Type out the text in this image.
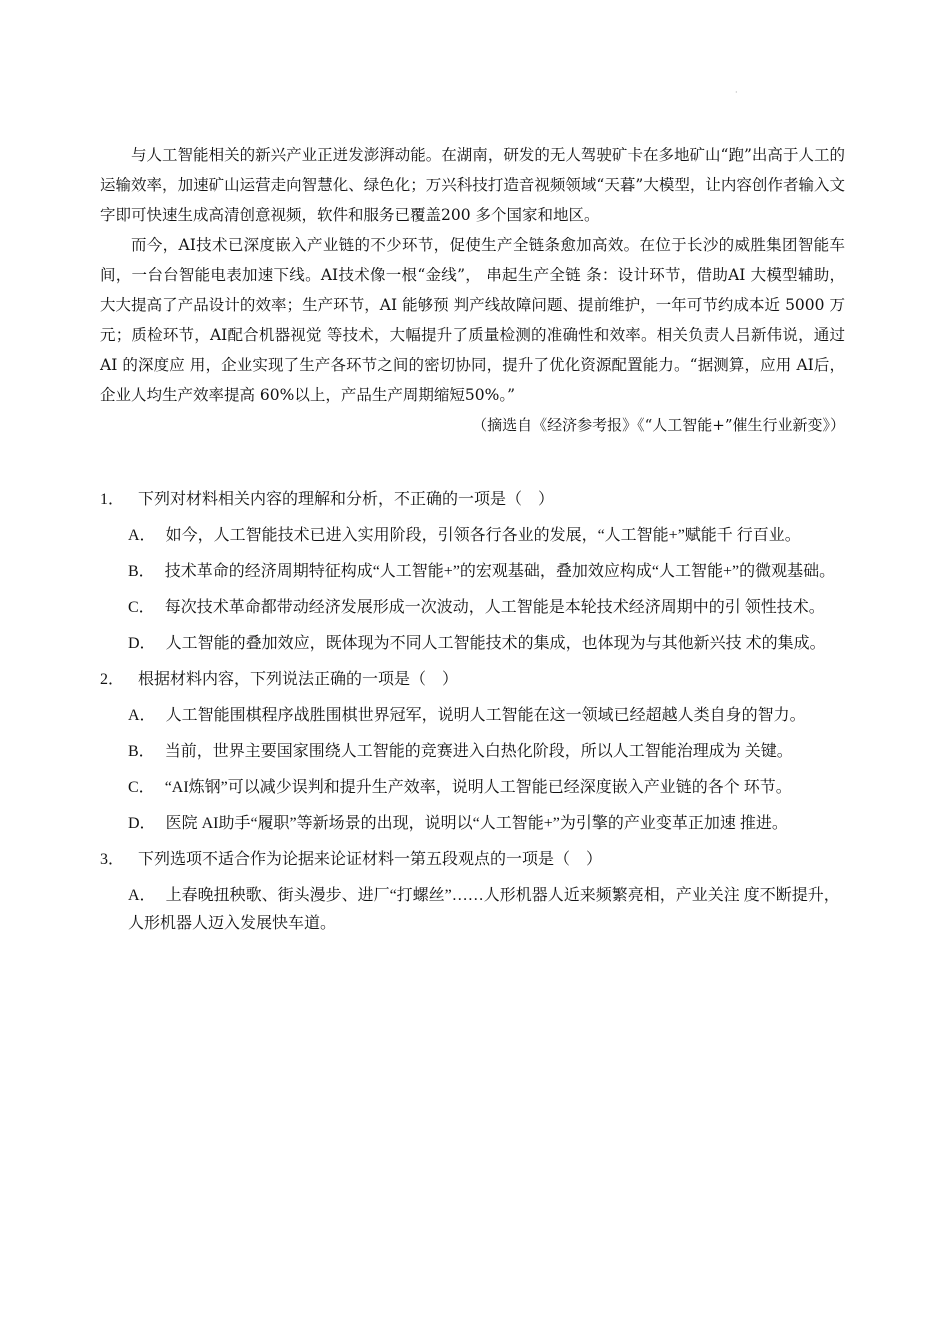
·

与人工智能相关的新兴产业正迸发澎湃动能。在湖南，研发的无人驾驶矿卡在多地矿山“跑”出高于人工的运输效率，加速矿山运营走向智慧化、绿色化；万兴科技打造音视频领域“天暮”大模型，让内容创作者输入文字即可快速生成高清创意视频，软件和服务已覆盖200 多个国家和地区。

而今，AI技术已深度嵌入产业链的不少环节，促使生产全链条愈加高效。在位于长沙的威胜集团智能车间，一台台智能电表加速下线。AI技术像一根“金线”， 串起生产全链 条：设计环节，借助AI 大模型辅助，大大提高了产品设计的效率；生产环节，AI 能够预 判产线故障问题、提前维护，一年可节约成本近 5000 万元；质检环节，AI配合机器视觉 等技术，大幅提升了质量检测的准确性和效率。相关负责人吕新伟说，通过 AI 的深度应 用，企业实现了生产各环节之间的密切协同，提升了优化资源配置能力。“据测算，应用 AI后，企业人均生产效率提高 60%以上，产品生产周期缩短50%。”

（摘选自《经济参考报》《“人工智能+”催生行业新变》）
1． 下列对材料相关内容的理解和分析，不正确的一项是（　）
A． 如今，人工智能技术已进入实用阶段，引领各行各业的发展，“人工智能+”赋能千 行百业。
B． 技术革命的经济周期特征构成“人工智能+”的宏观基础，叠加效应构成“人工智能+”的微观基础。
C． 每次技术革命都带动经济发展形成一次波动，人工智能是本轮技术经济周期中的引 领性技术。
D． 人工智能的叠加效应，既体现为不同人工智能技术的集成，也体现为与其他新兴技 术的集成。
2． 根据材料内容，下列说法正确的一项是（　）
A． 人工智能围棋程序战胜围棋世界冠军，说明人工智能在这一领域已经超越人类自身的智力。
B． 当前，世界主要国家围绕人工智能的竞赛进入白热化阶段，所以人工智能治理成为 关键。
C． “AI炼钢”可以减少误判和提升生产效率，说明人工智能已经深度嵌入产业链的各个 环节。
D． 医院 AI助手“履职”等新场景的出现，说明以“人工智能+”为引擎的产业变革正加速 推进。
3． 下列选项不适合作为论据来论证材料一第五段观点的一项是（　）
A． 上春晚扭秧歌、街头漫步、进厂“打螺丝”……人形机器人近来频繁亮相，产业关注 度不断提升，人形机器人迈入发展快车道。
